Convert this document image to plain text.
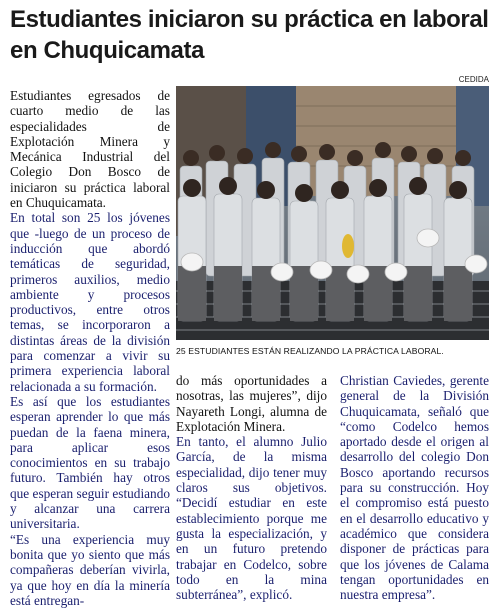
Estudiantes iniciaron su práctica en laboral en Chuquicamata
CEDIDA
25 ESTUDIANTES ESTÁN REALIZANDO LA PRÁCTICA LABORAL.

Estudiantes egresados de cuarto medio de las especialidades de Explotación Minera y Mecánica Industrial del Colegio Don Bosco de iniciaron su práctica laboral en Chuquicamata.

En total son 25 los jóvenes que -luego de un proceso de inducción que abordó temáticas de seguridad, primeros auxilios, medio ambiente y procesos productivos, entre otros temas, se incorporaron a distintas áreas de la división para comenzar a vivir su primera experiencia laboral relacionada a su formación.

Es así que los estudiantes esperan aprender lo que más puedan de la faena minera, para aplicar esos conocimientos en su trabajo futuro. También hay otros que esperan seguir estudiando y alcanzar una carrera universitaria.

“Es una experiencia muy bonita que yo siento que más compañeras deberían vivirla, ya que hoy en día la minería está entregan-

do más oportunidades a nosotras, las mujeres”, dijo Nayareth Longi, alumna de Explotación Minera.

En tanto, el alumno Julio García, de la misma especialidad, dijo tener muy claros sus objetivos. “Decidí estudiar en este establecimiento porque me gusta la especialización, y en un futuro pretendo trabajar en Codelco, sobre todo en la mina subterránea”, explicó.

Christian Caviedes, gerente general de la División Chuquicamata, señaló que “como Codelco hemos aportado desde el origen al desarrollo del colegio Don Bosco aportando recursos para su construcción. Hoy el compromiso está puesto en el desarrollo educativo y académico que considera disponer de prácticas para que los jóvenes de Calama tengan oportunidades en nuestra empresa”.
